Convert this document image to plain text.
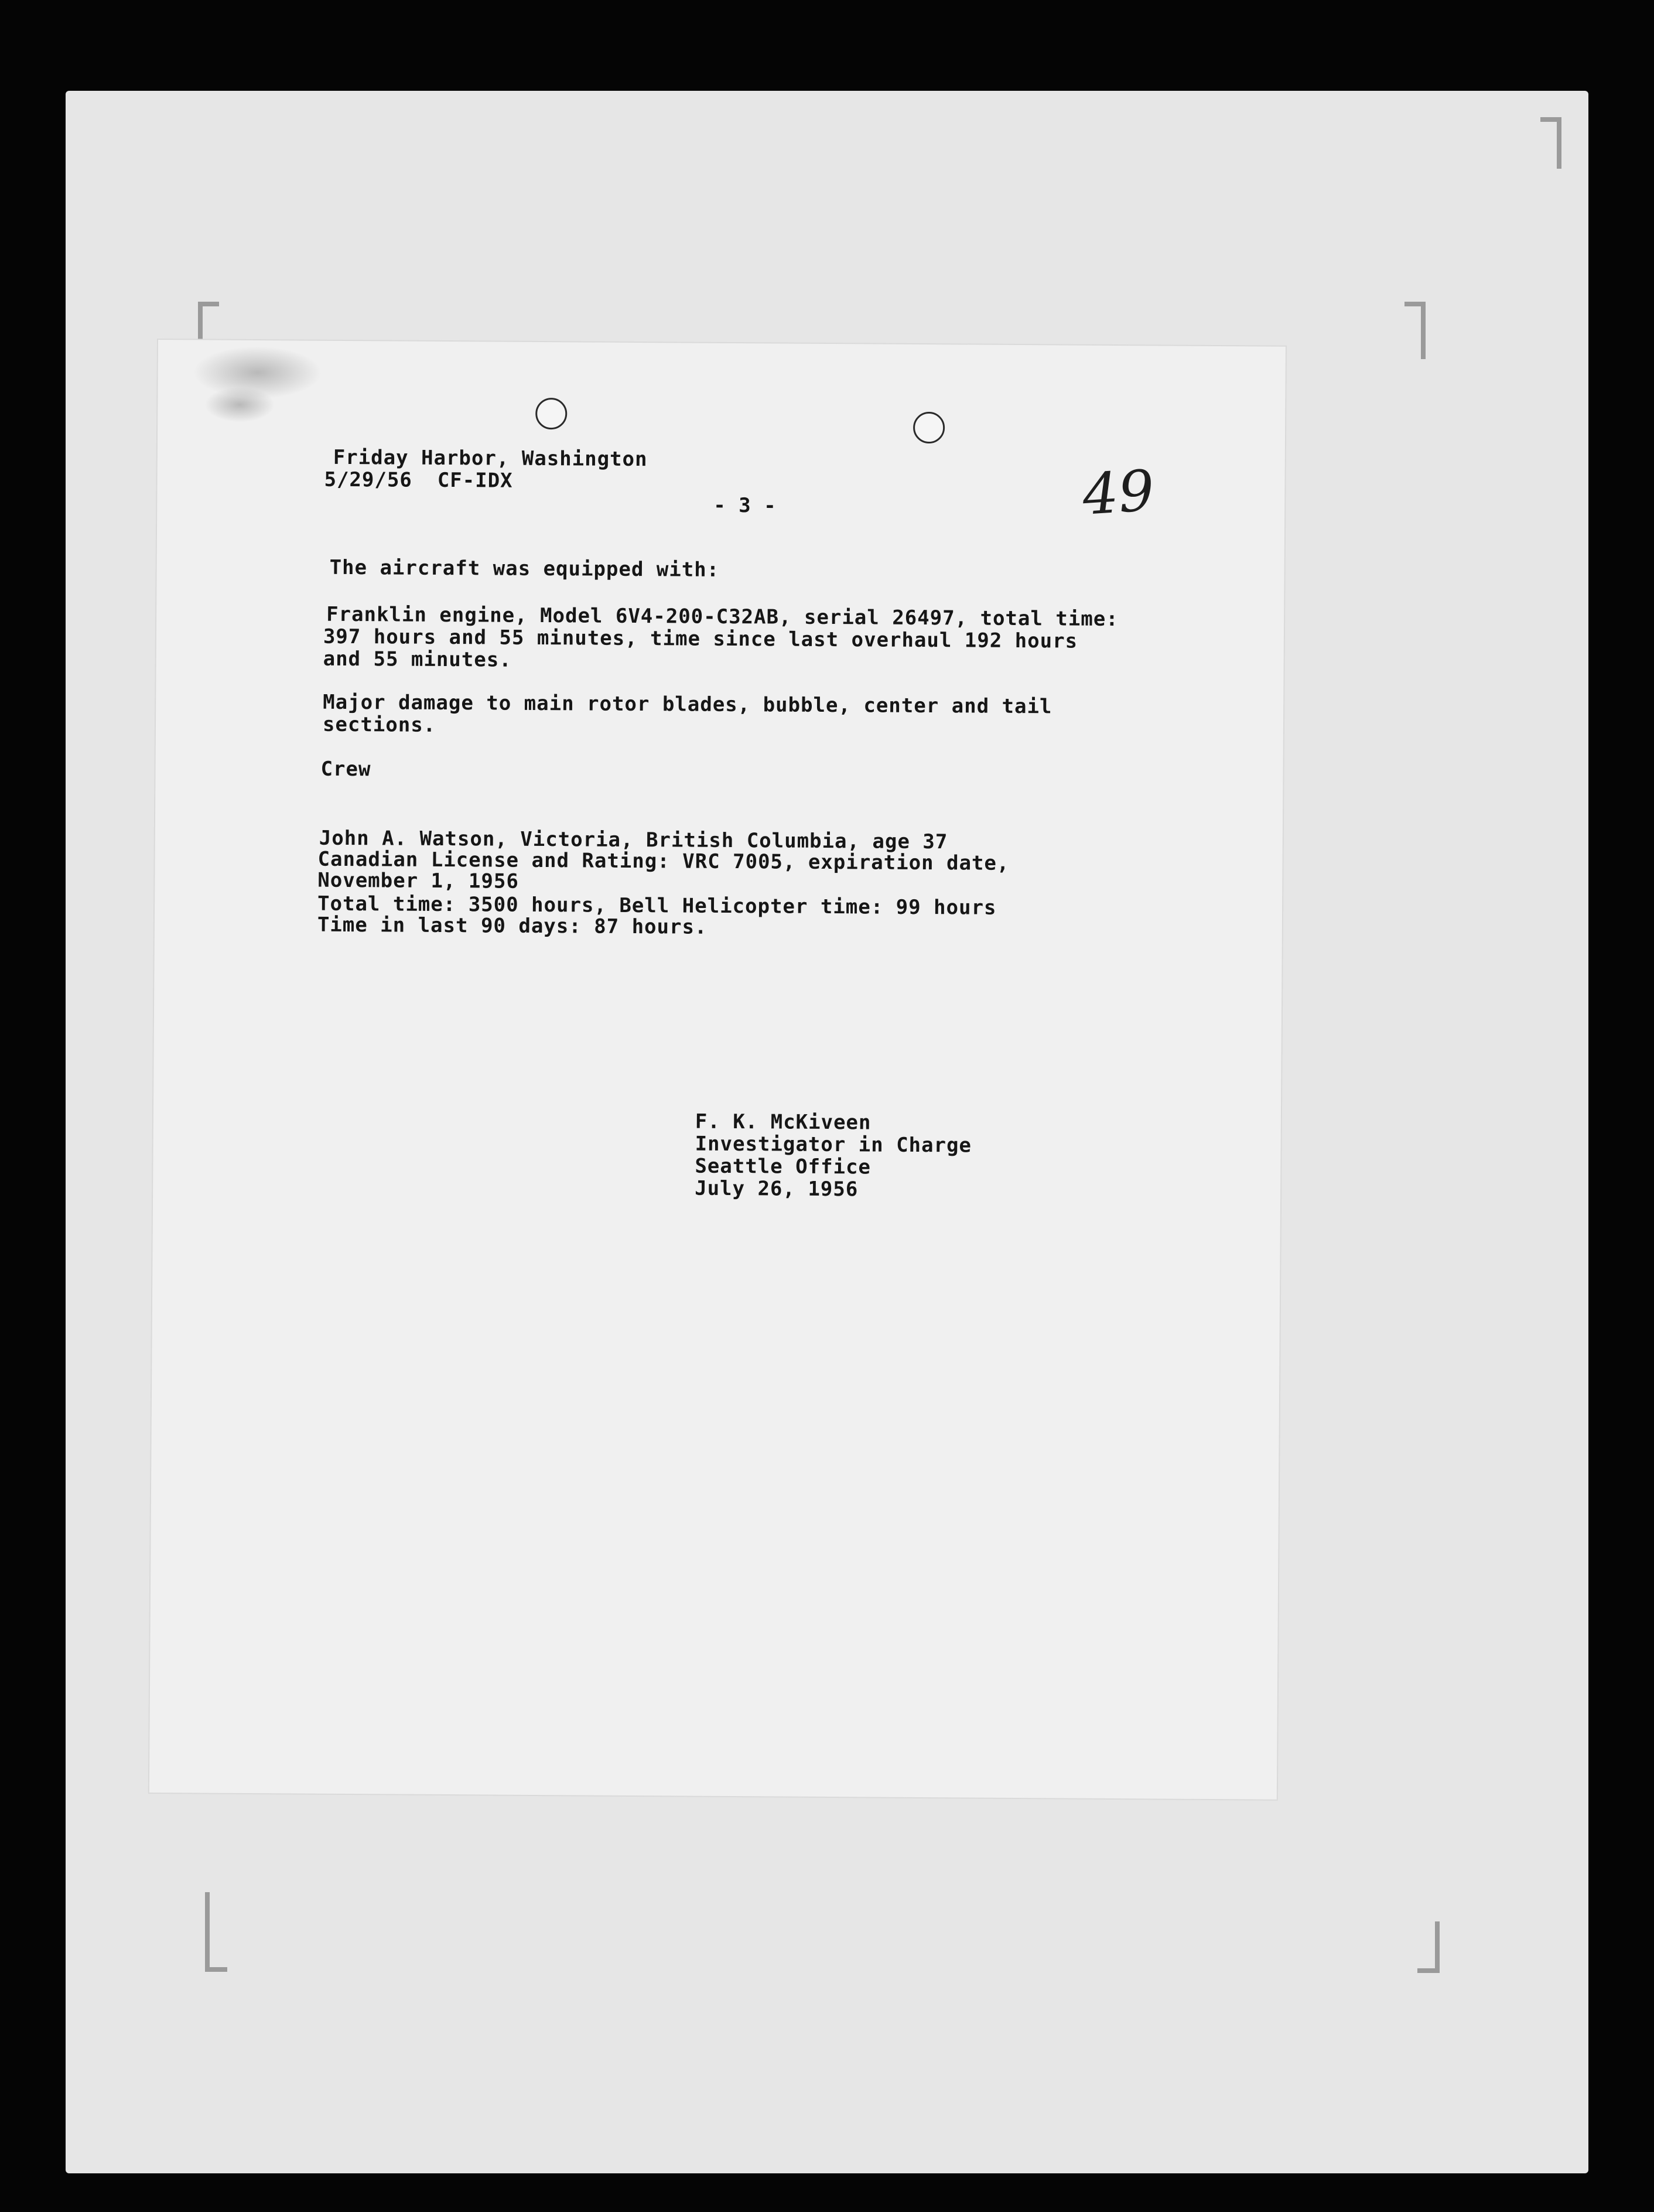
Friday Harbor, Washington
5/29/56  CF-IDX
- 3 -	49
The aircraft was equipped with:
Franklin engine, Model 6V4-200-C32AB, serial 26497, total time:
397 hours and 55 minutes, time since last overhaul 192 hours
and 55 minutes.
Major damage to main rotor blades, bubble, center and tail
sections.
Crew
John A. Watson, Victoria, British Columbia, age 37
Canadian License and Rating: VRC 7005, expiration date,
November 1, 1956
Total time: 3500 hours, Bell Helicopter time: 99 hours
Time in last 90 days: 87 hours.
F. K. McKiveen
Investigator in Charge
Seattle Office
July 26, 1956
